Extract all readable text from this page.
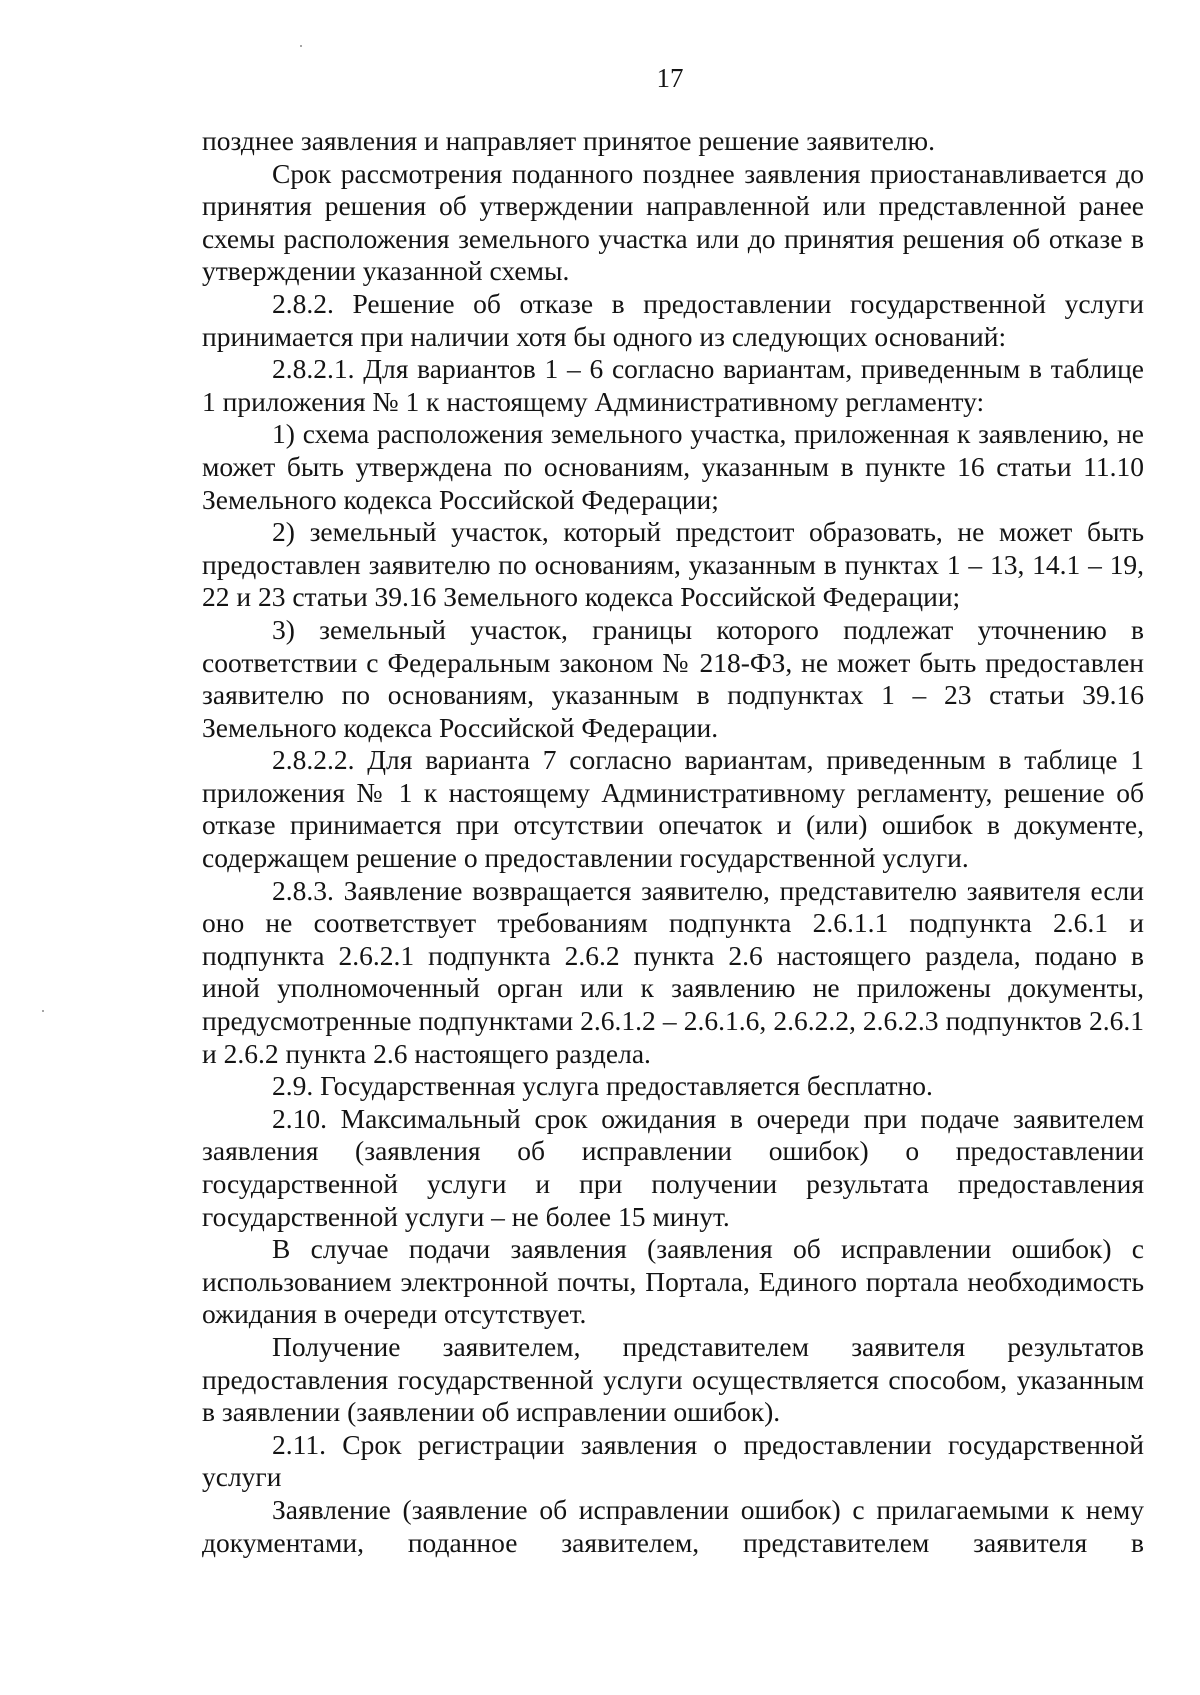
17

позднее заявления и направляет принятое решение заявителю.

Срок рассмотрения поданного позднее заявления приостанавливается до принятия решения об утверждении направленной или представленной ранее схемы расположения земельного участка или до принятия решения об отказе в утверждении указанной схемы.

2.8.2. Решение об отказе в предоставлении государственной услуги принимается при наличии хотя бы одного из следующих оснований:

2.8.2.1. Для вариантов 1 – 6 согласно вариантам, приведенным в таблице 1 приложения № 1 к настоящему Административному регламенту:

1) схема расположения земельного участка, приложенная к заявлению, не может быть утверждена по основаниям, указанным в пункте 16 статьи 11.10 Земельного кодекса Российской Федерации;

2) земельный участок, который предстоит образовать, не может быть предоставлен заявителю по основаниям, указанным в пунктах 1 – 13, 14.1 – 19, 22 и 23 статьи 39.16 Земельного кодекса Российской Федерации;

3) земельный участок, границы которого подлежат уточнению в соответствии с Федеральным законом № 218-ФЗ, не может быть предоставлен заявителю по основаниям, указанным в подпунктах 1 – 23 статьи 39.16 Земельного кодекса Российской Федерации.

2.8.2.2. Для варианта 7 согласно вариантам, приведенным в таблице 1 приложения № 1 к настоящему Административному регламенту, решение об отказе принимается при отсутствии опечаток и (или) ошибок в документе, содержащем решение о предоставлении государственной услуги.

2.8.3. Заявление возвращается заявителю, представителю заявителя если оно не соответствует требованиям подпункта 2.6.1.1 подпункта 2.6.1 и подпункта 2.6.2.1 подпункта 2.6.2 пункта 2.6 настоящего раздела, подано в иной уполномоченный орган или к заявлению не приложены документы, предусмотренные подпунктами 2.6.1.2 – 2.6.1.6, 2.6.2.2, 2.6.2.3 подпунктов 2.6.1 и 2.6.2 пункта 2.6 настоящего раздела.

2.9. Государственная услуга предоставляется бесплатно.

2.10. Максимальный срок ожидания в очереди при подаче заявителем заявления (заявления об исправлении ошибок) о предоставлении государственной услуги и при получении результата предоставления государственной услуги – не более 15 минут.

В случае подачи заявления (заявления об исправлении ошибок) с использованием электронной почты, Портала, Единого портала необходимость ожидания в очереди отсутствует.

Получение заявителем, представителем заявителя результатов предоставления государственной услуги осуществляется способом, указанным в заявлении (заявлении об исправлении ошибок).

2.11. Срок регистрации заявления о предоставлении государственной услуги

Заявление (заявление об исправлении ошибок) с прилагаемыми к нему документами, поданное заявителем, представителем заявителя в
